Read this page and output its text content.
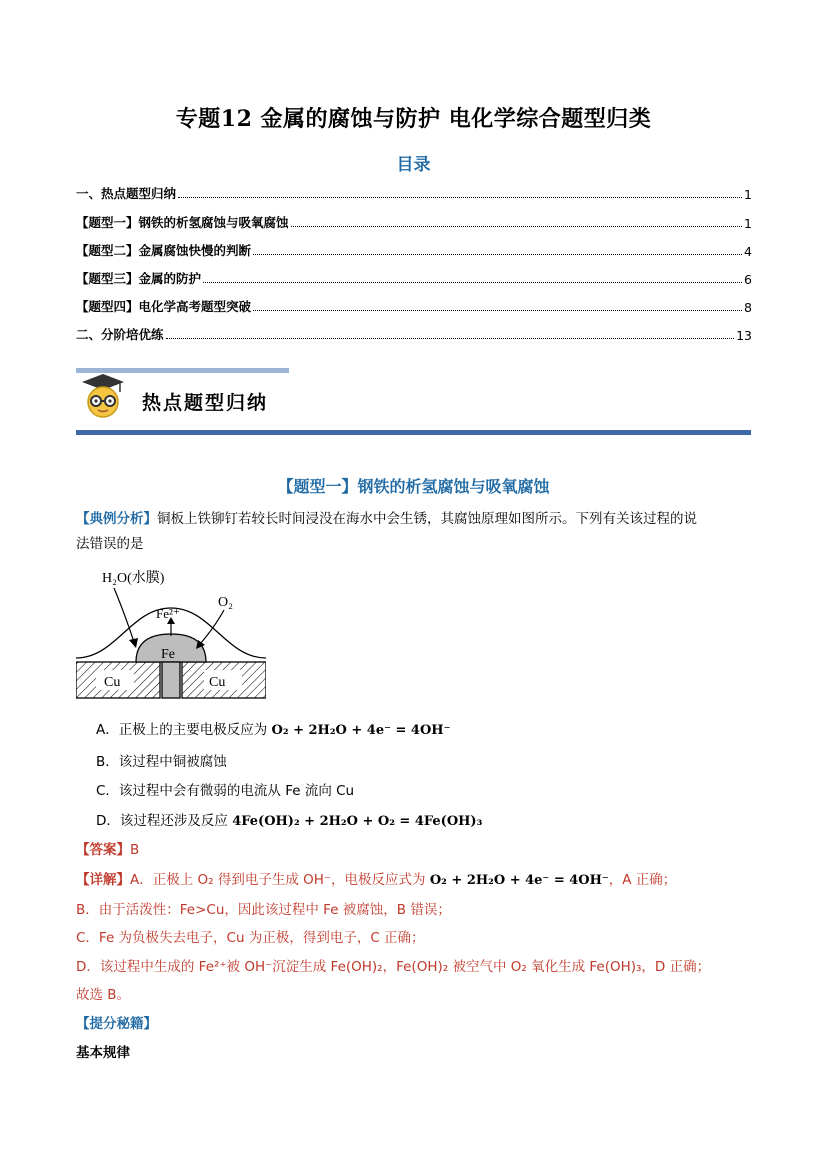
专题12 金属的腐蚀与防护 电化学综合题型归类
目录
一、热点题型归纳	1
【题型一】钢铁的析氢腐蚀与吸氧腐蚀	1
【题型二】金属腐蚀快慢的判断	4
【题型三】金属的防护	6
【题型四】电化学高考题型突破	8
二、分阶培优练	13
热点题型归纳
【题型一】钢铁的析氢腐蚀与吸氧腐蚀
【典例分析】铜板上铁铆钉若较长时间浸没在海水中会生锈，其腐蚀原理如图所示。下列有关该过程的说
法错误的是
H₂O(水膜)
O₂
Fe²⁺
Fe
Cu	Cu
A．正极上的主要电极反应为 O₂ + 2H₂O + 4e⁻ = 4OH⁻
B．该过程中铜被腐蚀
C．该过程中会有微弱的电流从 Fe 流向 Cu
D．该过程还涉及反应 4Fe(OH)₂ + 2H₂O + O₂ = 4Fe(OH)₃
【答案】B
【详解】A．正极上 O₂ 得到电子生成 OH⁻，电极反应式为 O₂ + 2H₂O + 4e⁻ = 4OH⁻，A 正确；
B．由于活泼性：Fe>Cu，因此该过程中 Fe 被腐蚀，B 错误；
C．Fe 为负极失去电子，Cu 为正极，得到电子，C 正确；
D．该过程中生成的 Fe²⁺被 OH⁻沉淀生成 Fe(OH)₂，Fe(OH)₂ 被空气中 O₂ 氧化生成 Fe(OH)₃，D 正确；
故选 B。
【提分秘籍】
基本规律
